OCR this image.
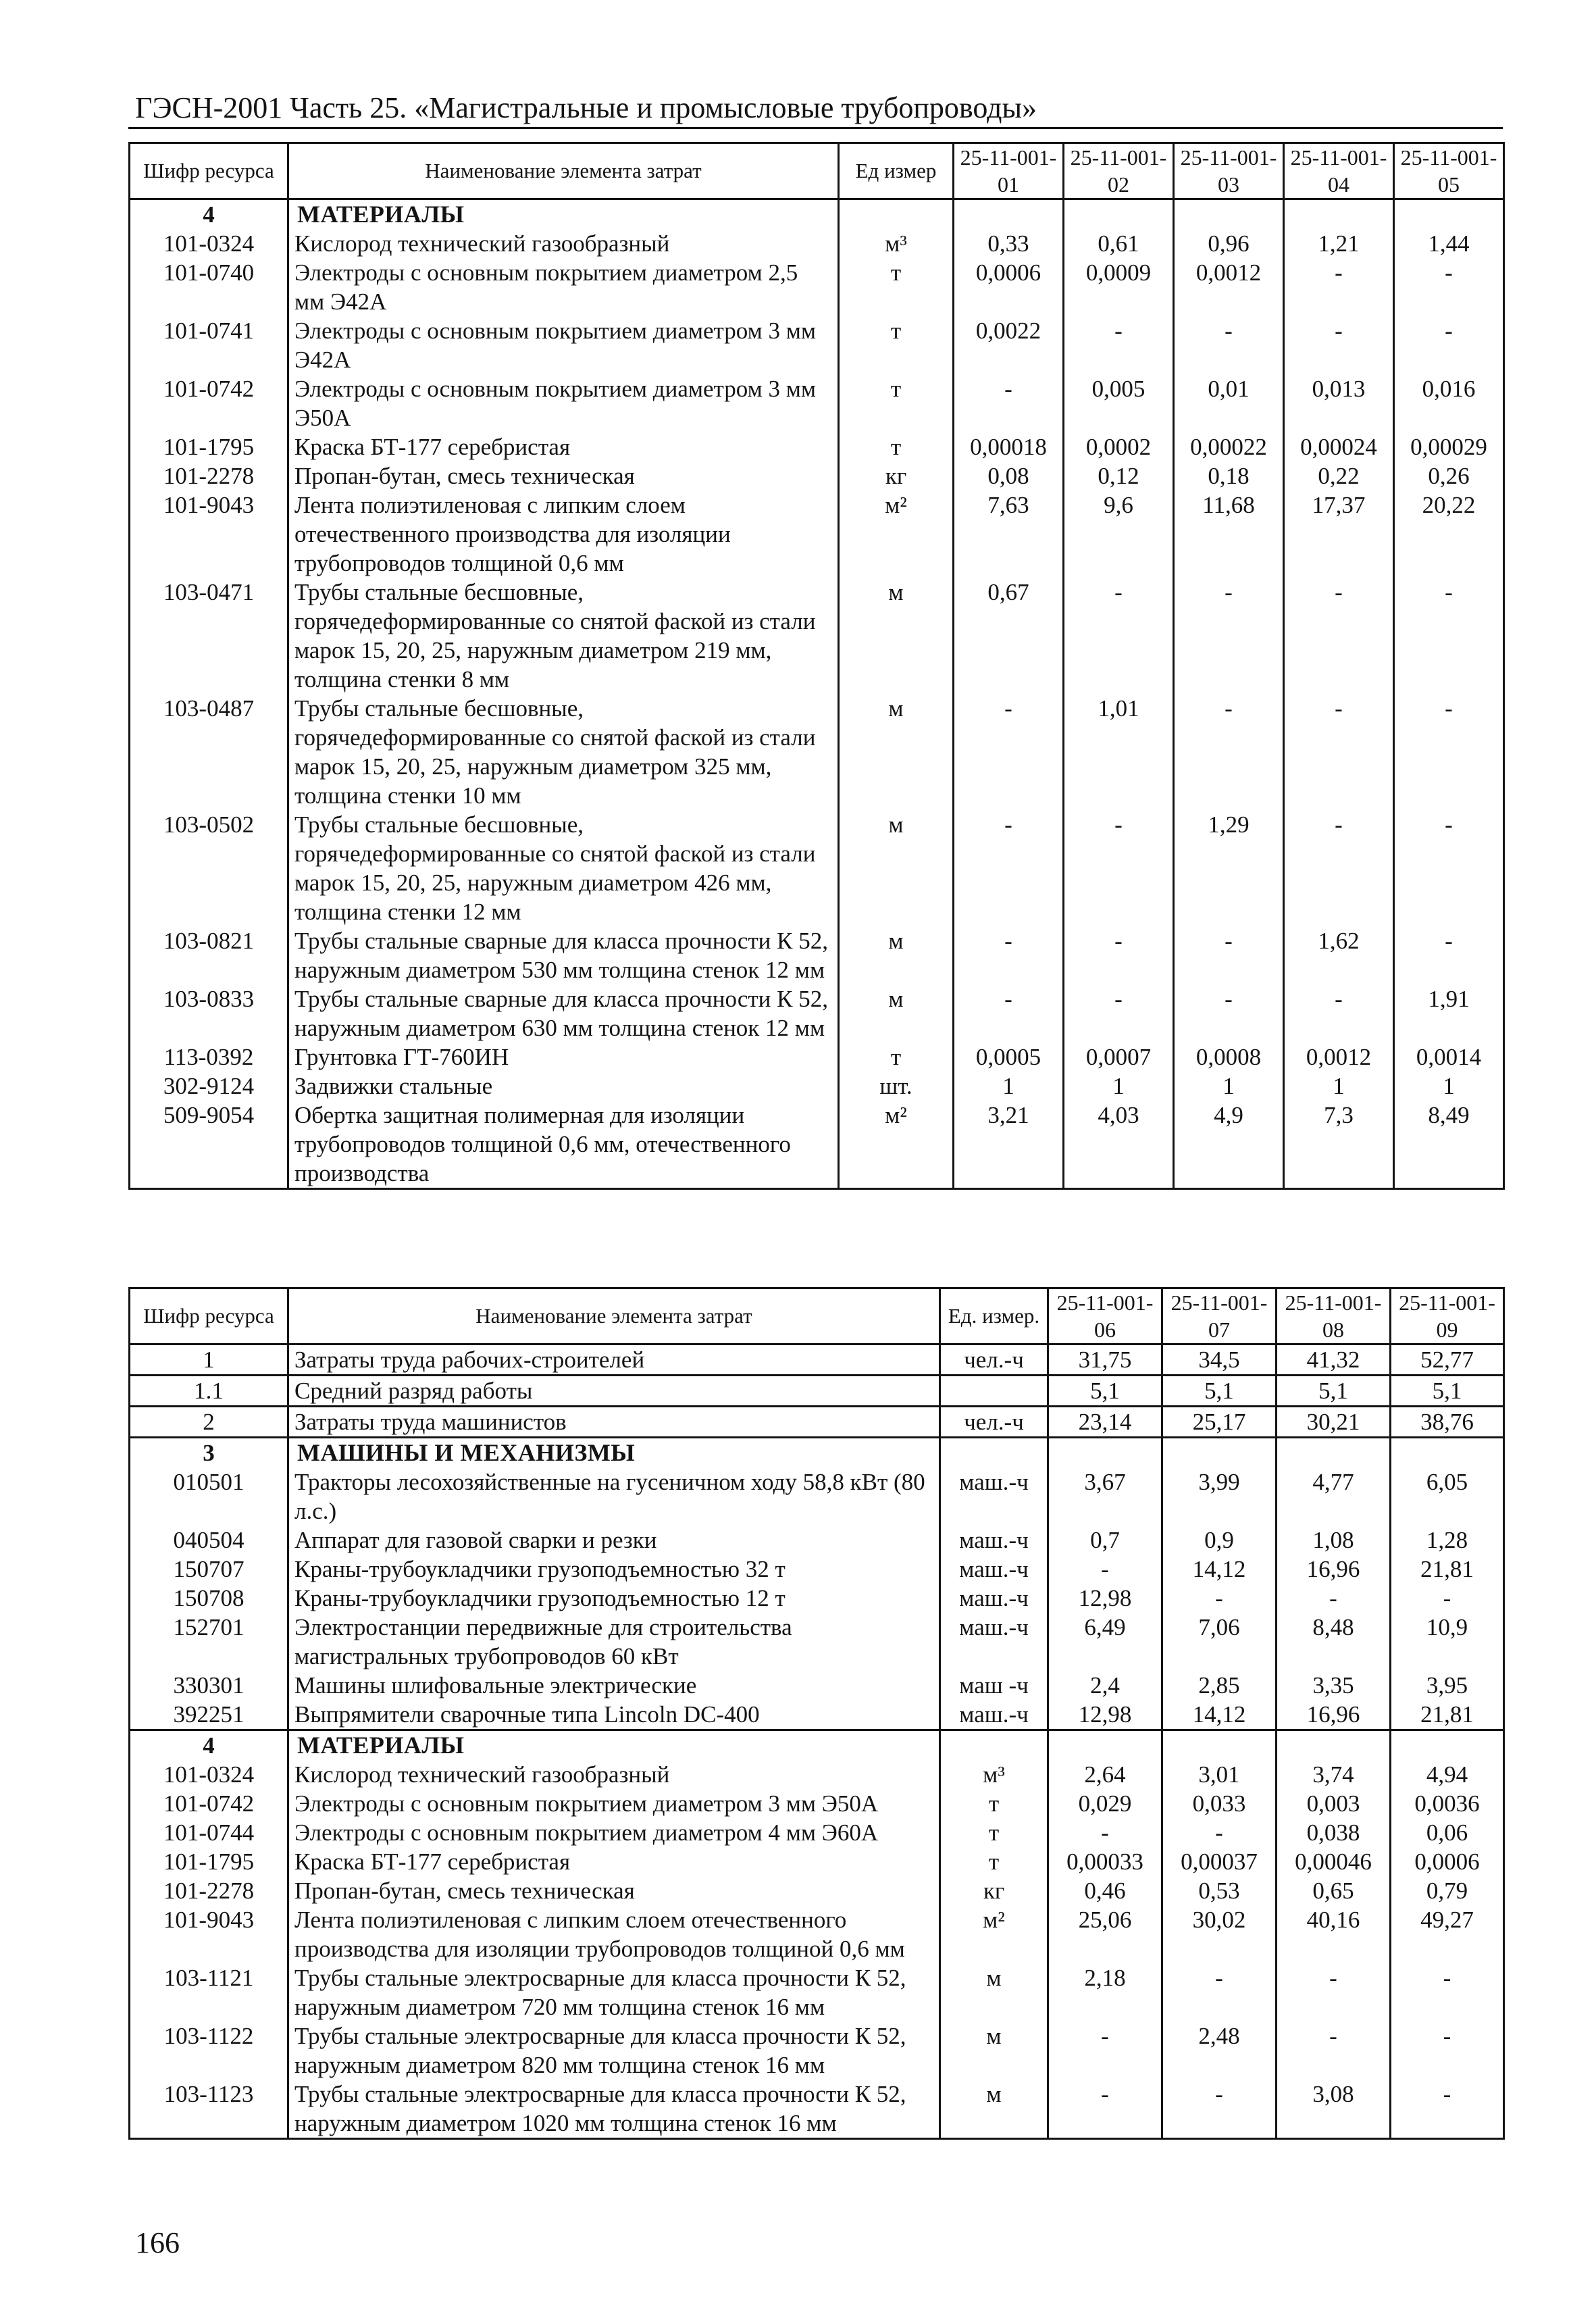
ГЭСН-2001 Часть 25. «Магистральные и промысловые трубопроводы»
Шифр ресурса	Наименование элемента затрат	Ед измер	25-11-001-01	25-11-001-02	25-11-001-03	25-11-001-04	25-11-001-05
4	МАТЕРИАЛЫ						
101-0324	Кислород технический газообразный	м³	0,33	0,61	0,96	1,21	1,44
101-0740	Электроды с основным покрытием диаметром 2,5 мм Э42А	т	0,0006	0,0009	0,0012	-	-
101-0741	Электроды с основным покрытием диаметром 3 мм Э42А	т	0,0022	-	-	-	-
101-0742	Электроды с основным покрытием диаметром 3 мм Э50А	т	-	0,005	0,01	0,013	0,016
101-1795	Краска БТ-177 серебристая	т	0,00018	0,0002	0,00022	0,00024	0,00029
101-2278	Пропан-бутан, смесь техническая	кг	0,08	0,12	0,18	0,22	0,26
101-9043	Лента полиэтиленовая с липким слоем отечественного производства для изоляции трубопроводов толщиной 0,6 мм	м²	7,63	9,6	11,68	17,37	20,22
103-0471	Трубы стальные бесшовные, горячедеформированные со снятой фаской из стали марок 15, 20, 25, наружным диаметром 219 мм, толщина стенки 8 мм	м	0,67	-	-	-	-
103-0487	Трубы стальные бесшовные, горячедеформированные со снятой фаской из стали марок 15, 20, 25, наружным диаметром 325 мм, толщина стенки 10 мм	м	-	1,01	-	-	-
103-0502	Трубы стальные бесшовные, горячедеформированные со снятой фаской из стали марок 15, 20, 25, наружным диаметром 426 мм, толщина стенки 12 мм	м	-	-	1,29	-	-
103-0821	Трубы стальные сварные для класса прочности К 52, наружным диаметром 530 мм толщина стенок 12 мм	м	-	-	-	1,62	-
103-0833	Трубы стальные сварные для класса прочности К 52, наружным диаметром 630 мм толщина стенок 12 мм	м	-	-	-	-	1,91
113-0392	Грунтовка ГТ-760ИН	т	0,0005	0,0007	0,0008	0,0012	0,0014
302-9124	Задвижки стальные	шт.	1	1	1	1	1
509-9054	Обертка защитная полимерная для изоляции трубопроводов толщиной 0,6 мм, отечественного производства	м²	3,21	4,03	4,9	7,3	8,49
Шифр ресурса	Наименование элемента затрат	Ед. измер.	25-11-001-06	25-11-001-07	25-11-001-08	25-11-001-09
1	Затраты труда рабочих-строителей	чел.-ч	31,75	34,5	41,32	52,77
1.1	Средний разряд работы		5,1	5,1	5,1	5,1
2	Затраты труда машинистов	чел.-ч	23,14	25,17	30,21	38,76
3	МАШИНЫ И МЕХАНИЗМЫ					
010501	Тракторы лесохозяйственные на гусеничном ходу 58,8 кВт (80 л.с.)	маш.-ч	3,67	3,99	4,77	6,05
040504	Аппарат для газовой сварки и резки	маш.-ч	0,7	0,9	1,08	1,28
150707	Краны-трубоукладчики грузоподъемностью 32 т	маш.-ч	-	14,12	16,96	21,81
150708	Краны-трубоукладчики грузоподъемностью 12 т	маш.-ч	12,98	-	-	-
152701	Электростанции передвижные для строительства магистральных трубопроводов 60 кВт	маш.-ч	6,49	7,06	8,48	10,9
330301	Машины шлифовальные электрические	маш -ч	2,4	2,85	3,35	3,95
392251	Выпрямители сварочные типа Lincoln DC-400	маш.-ч	12,98	14,12	16,96	21,81
4	МАТЕРИАЛЫ					
101-0324	Кислород технический газообразный	м³	2,64	3,01	3,74	4,94
101-0742	Электроды с основным покрытием диаметром 3 мм Э50А	т	0,029	0,033	0,003	0,0036
101-0744	Электроды с основным покрытием диаметром 4 мм Э60А	т	-	-	0,038	0,06
101-1795	Краска БТ-177 серебристая	т	0,00033	0,00037	0,00046	0,0006
101-2278	Пропан-бутан, смесь техническая	кг	0,46	0,53	0,65	0,79
101-9043	Лента полиэтиленовая с липким слоем отечественного производства для изоляции трубопроводов толщиной 0,6 мм	м²	25,06	30,02	40,16	49,27
103-1121	Трубы стальные электросварные для класса прочности К 52, наружным диаметром 720 мм толщина стенок 16 мм	м	2,18	-	-	-
103-1122	Трубы стальные электросварные для класса прочности К 52, наружным диаметром 820 мм толщина стенок 16 мм	м	-	2,48	-	-
103-1123	Трубы стальные электросварные для класса прочности К 52, наружным диаметром 1020 мм толщина стенок 16 мм	м	-	-	3,08	-
166
